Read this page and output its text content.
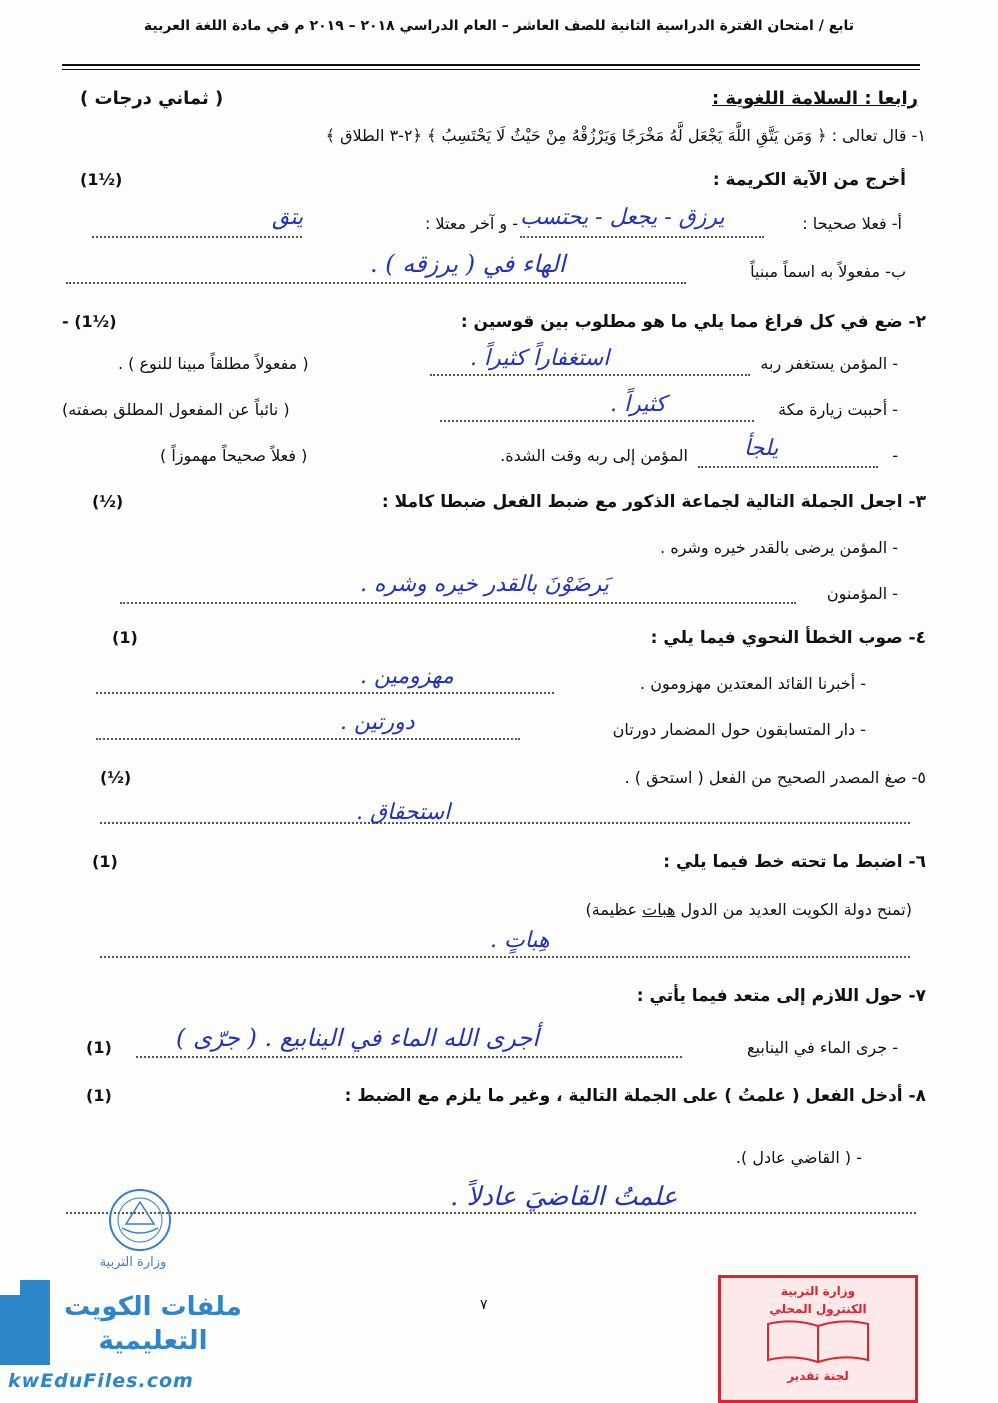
تابع / امتحان الفترة الدراسية الثانية للصف العاشر – العام الدراسي ٢٠١٨ – ٢٠١٩ م في مادة اللغة العربية
رابعا : السلامة اللغوية :
( ثماني درجات )
١- قال تعالى : ﴿ وَمَن يَتَّقِ اللَّهَ يَجْعَل لَّهُ مَخْرَجًا وَيَرْزُقْهُ مِنْ حَيْثُ لَا يَحْتَسِبُ ﴾ ﴿٢-٣ الطلاق ﴾
أخرج من الآية الكريمة :
(1½)
أ- فعلا صحيحا :
يرزق - يجعل - يحتسب
- و آخر معتلا :
يتق
ب- مفعولاً به اسماً مبنياً
الهاء في ( يرزقه ) .
٢- ضع في كل فراغ مما يلي ما هو مطلوب بين قوسين :
- (1½)
- المؤمن يستغفر ربه
استغفاراً كثيراً .
( مفعولاً مطلقاً مبينا للنوع ) .
- أحببت زيارة مكة
كثيراً .
( نائباً عن المفعول المطلق بصفته)
-
يلجأ
المؤمن إلى ربه وقت الشدة.
( فعلاً صحيحاً مهموزاً )
٣- اجعل الجملة التالية لجماعة الذكور مع ضبط الفعل ضبطا كاملا :
(½)
- المؤمن يرضى بالقدر خيره وشره .
- المؤمنون
يَرضَوْنَ بالقدر خيره وشره .
٤- صوب الخطأ النحوي فيما يلي :
(1)
- أخبرنا القائد المعتدين مهزومون .
مهزومين .
- دار المتسابقون حول المضمار دورتان
دورتين .
٥- صغ المصدر الصحيح من الفعل ( استحق ) .
(½)
استحقاق .
٦- اضبط ما تحته خط فيما يلي :
(1)
(تمنح دولة الكويت العديد من الدول هبات عظيمة)
هِباتٍ .
٧- حول اللازم إلى متعد فيما يأتي :
- جرى الماء في الينابيع
أجرى الله الماء في الينابيع . ( جرّى )
(1)
٨- أدخل الفعل ( علمتُ ) على الجملة التالية ، وغير ما يلزم مع الضبط :
(1)
- ( القاضي عادل ).
علمتُ القاضيَ عادلاً .
٧
وزارة التربية
ملفات الكويت
التعليمية
kwEduFiles.com
وزارة التربية
الكنترول المحلي
لجنة تقدير
